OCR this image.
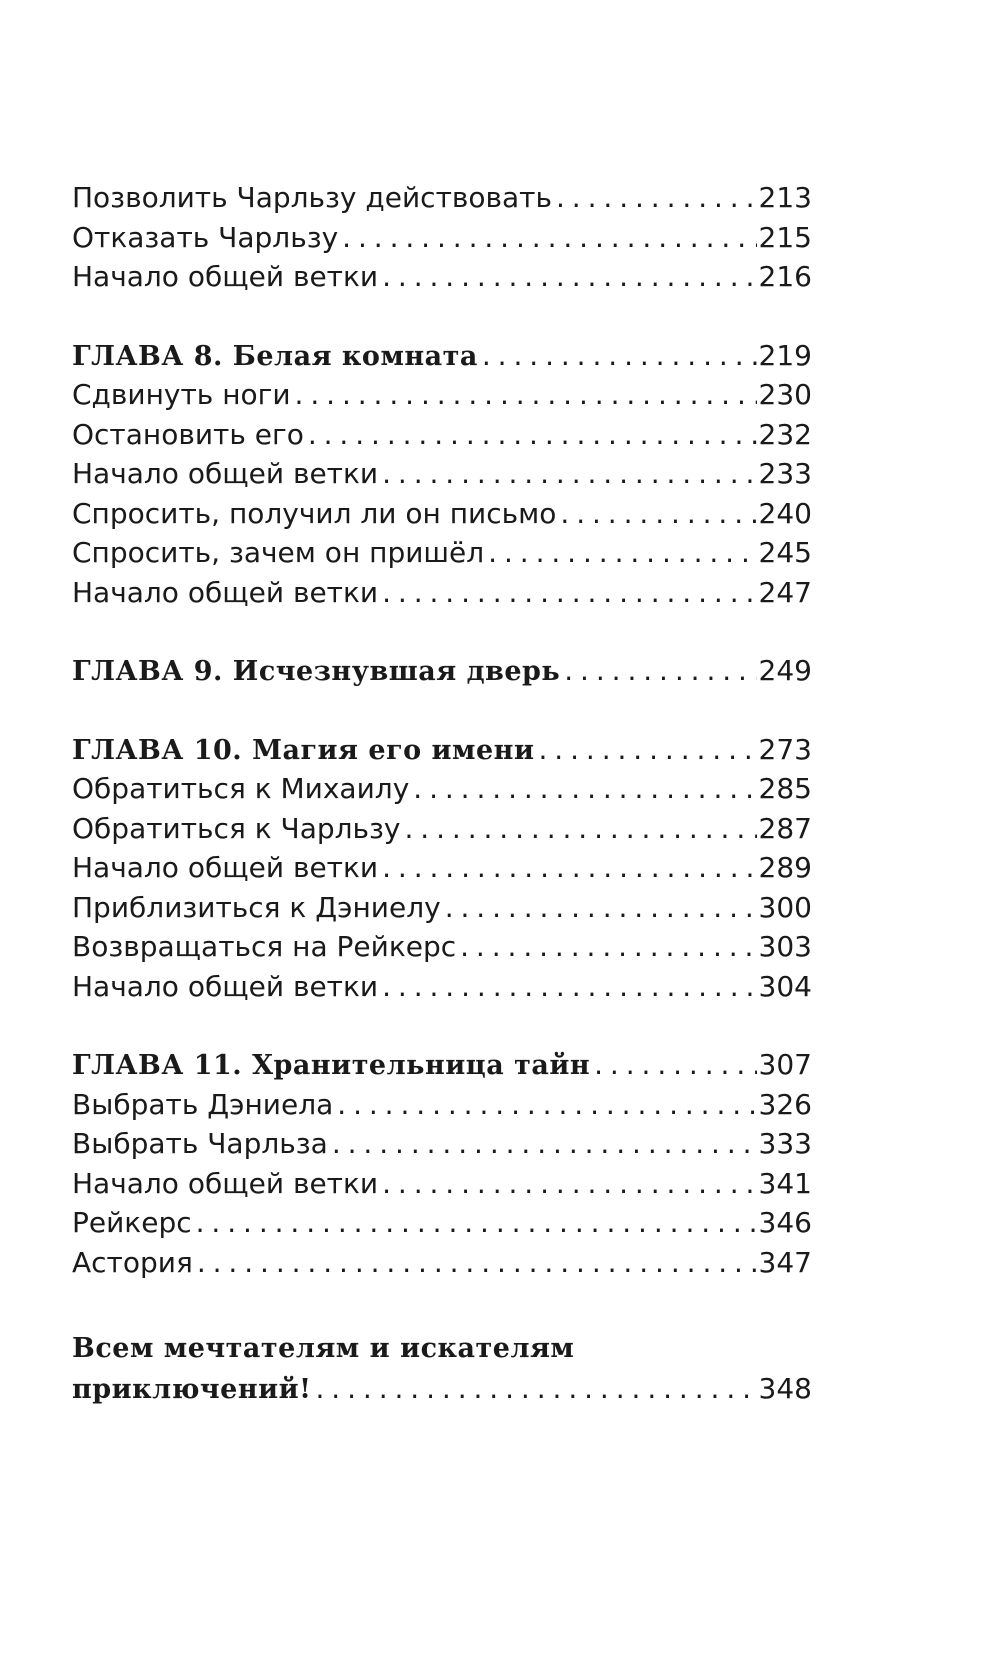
Позволить Чарльзу действовать . . .	213
Отказать Чарльзу . . .	215
Начало общей ветки . . .	216
ГЛАВА 8. Белая комната . . .	219
Сдвинуть ноги . . .	230
Остановить его . . .	232
Начало общей ветки . . .	233
Спросить, получил ли он письмо . . .	240
Спросить, зачем он пришёл . . .	245
Начало общей ветки . . .	247
ГЛАВА 9. Исчезнувшая дверь . . .	249
ГЛАВА 10. Магия его имени . . .	273
Обратиться к Михаилу . . .	285
Обратиться к Чарльзу . . .	287
Начало общей ветки . . .	289
Приблизиться к Дэниелу . . .	300
Возвращаться на Рейкерс . . .	303
Начало общей ветки . . .	304
ГЛАВА 11. Хранительница тайн . . .	307
Выбрать Дэниела . . .	326
Выбрать Чарльза . . .	333
Начало общей ветки . . .	341
Рейкерс . . .	346
Астория . . .	347
Всем мечтателям и искателям
приключений! . . .	348
